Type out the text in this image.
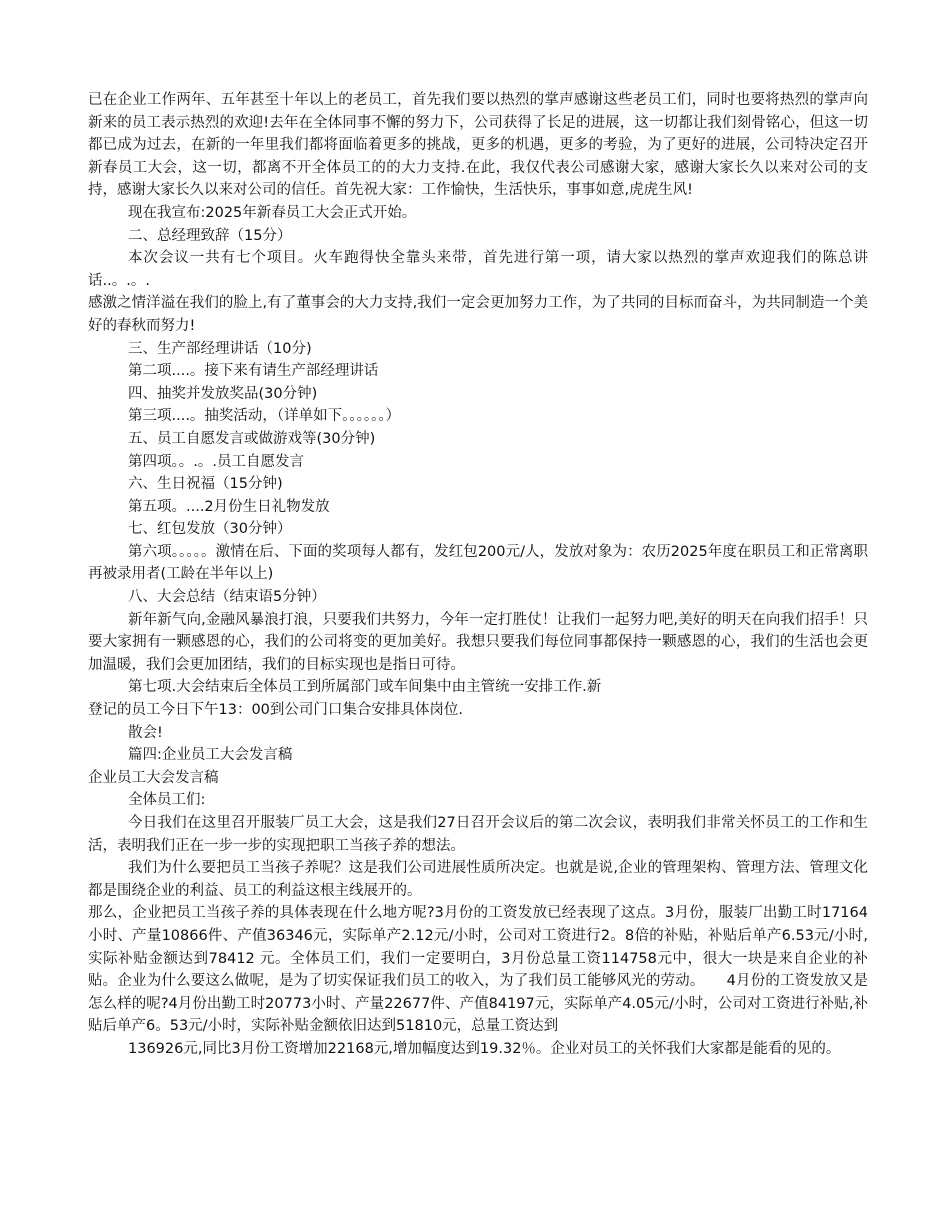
已在企业工作两年、五年甚至十年以上的老员工，首先我们要以热烈的掌声感谢这些老员工们，同时也要将热烈的掌声向新来的员工表示热烈的欢迎!去年在全体同事不懈的努力下，公司获得了长足的进展，这一切都让我们刻骨铭心，但这一切都已成为过去，在新的一年里我们都将面临着更多的挑战，更多的机遇，更多的考验，为了更好的进展，公司特决定召开新春员工大会，这一切，都离不开全体员工的的大力支持.在此，我仅代表公司感谢大家，感谢大家长久以来对公司的支持，感谢大家长久以来对公司的信任。首先祝大家：工作愉快，生活快乐，事事如意,虎虎生风!

现在我宣布:2025年新春员工大会正式开始。

二、总经理致辞（15分）

本次会议一共有七个项目。火车跑得快全靠头来带，首先进行第一项，请大家以热烈的掌声欢迎我们的陈总讲话..。.。.

感激之情洋溢在我们的脸上,有了董事会的大力支持,我们一定会更加努力工作，为了共同的目标而奋斗，为共同制造一个美好的春秋而努力!

三、生产部经理讲话（10分)

第二项....。接下来有请生产部经理讲话

四、抽奖并发放奖品(30分钟)

第三项....。抽奖活动，（详单如下。。。。。。）

五、员工自愿发言或做游戏等(30分钟)

第四项。。.。.员工自愿发言

六、生日祝福（15分钟)

第五项。....2月份生日礼物发放

七、红包发放（30分钟）

第六项。。。。。激情在后、下面的奖项每人都有，发红包200元/人，发放对象为：农历2025年度在职员工和正常离职再被录用者(工龄在半年以上)

八、大会总结（结束语5分钟）

新年新气向,金融风暴浪打浪，只要我们共努力，今年一定打胜仗！让我们一起努力吧,美好的明天在向我们招手！只要大家拥有一颗感恩的心，我们的公司将变的更加美好。我想只要我们每位同事都保持一颗感恩的心，我们的生活也会更加温暖，我们会更加团结，我们的目标实现也是指日可待。

第七项.大会结束后全体员工到所属部门或车间集中由主管统一安排工作.新

登记的员工今日下午13：00到公司门口集合安排具体岗位.

散会!

篇四:企业员工大会发言稿

企业员工大会发言稿

全体员工们:

今日我们在这里召开服装厂员工大会，这是我们27日召开会议后的第二次会议，表明我们非常关怀员工的工作和生活，表明我们正在一步一步的实现把职工当孩子养的想法。

我们为什么要把员工当孩子养呢？这是我们公司进展性质所决定。也就是说,企业的管理架构、管理方法、管理文化都是围绕企业的利益、员工的利益这根主线展开的。

那么，企业把员工当孩子养的具体表现在什么地方呢?3月份的工资发放已经表现了这点。3月份，服装厂出勤工时17164小时、产量10866件、产值36346元，实际单产2.12元/小时，公司对工资进行2。8倍的补贴，补贴后单产6.53元/小时,实际补贴金额达到78412 元。全体员工们，我们一定要明白，3月份总量工资114758元中，很大一块是来自企业的补贴。企业为什么要这么做呢，是为了切实保证我们员工的收入，为了我们员工能够风光的劳动。　　4月份的工资发放又是怎么样的呢?4月份出勤工时20773小时、产量22677件、产值84197元，实际单产4.05元/小时，公司对工资进行补贴,补贴后单产6。53元/小时，实际补贴金额依旧达到51810元，总量工资达到

136926元,同比3月份工资增加22168元,增加幅度达到19.32％。企业对员工的关怀我们大家都是能看的见的。
